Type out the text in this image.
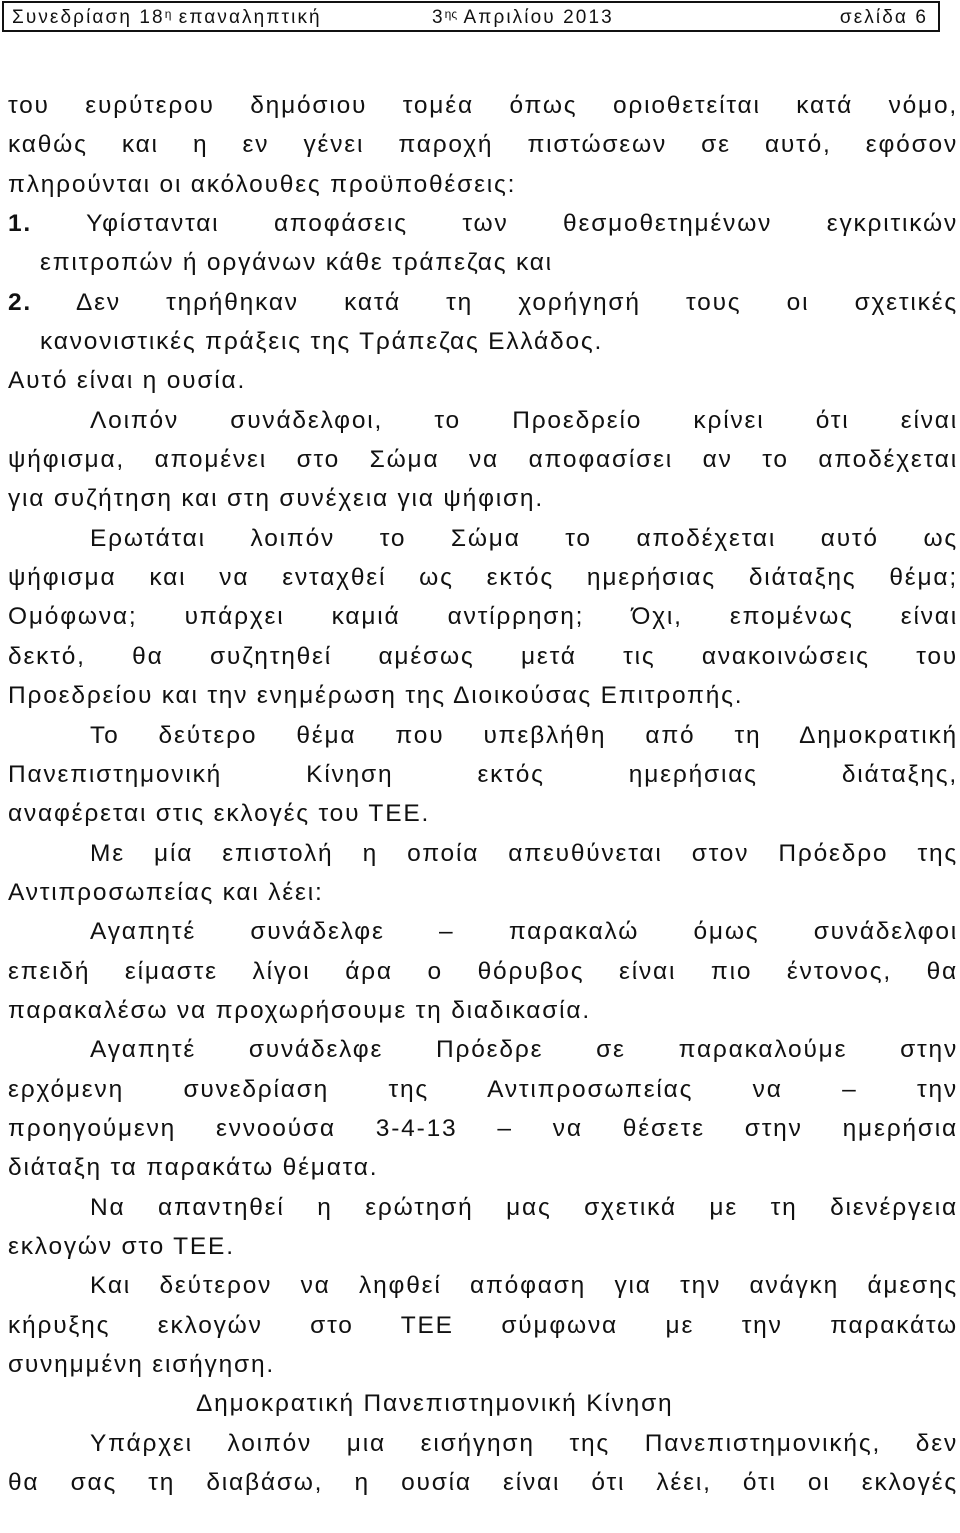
Συνεδρίαση $18^\eta$ επαναληπτική	$3^{\eta\varsigma}$ Απριλίου 2013	σελίδα 6
του ευρύτερου δημόσιου τομέα όπως οριοθετείται κατά νόμο,
καθώς και η εν γένει παροχή πιστώσεων σε αυτό, εφόσον
πληρούνται οι ακόλουθες προϋποθέσεις:
1. Υφίστανται αποφάσεις των θεσμοθετημένων εγκριτικών
επιτροπών ή οργάνων κάθε τράπεζας και
2. Δεν τηρήθηκαν κατά τη χορήγησή τους οι σχετικές
κανονιστικές πράξεις της Τράπεζας Ελλάδος.
Αυτό είναι η ουσία.
Λοιπόν συνάδελφοι, το Προεδρείο κρίνει ότι είναι
ψήφισμα, απομένει στο Σώμα να αποφασίσει αν το αποδέχεται
για συζήτηση και στη συνέχεια για ψήφιση.
Ερωτάται λοιπόν το Σώμα το αποδέχεται αυτό ως
ψήφισμα και να ενταχθεί ως εκτός ημερήσιας διάταξης θέμα;
Ομόφωνα; υπάρχει καμιά αντίρρηση; Όχι, επομένως είναι
δεκτό, θα συζητηθεί αμέσως μετά τις ανακοινώσεις του
Προεδρείου και την ενημέρωση της Διοικούσας Επιτροπής.
Το δεύτερο θέμα που υπεβλήθη από τη Δημοκρατική
Πανεπιστημονική Κίνηση εκτός ημερήσιας διάταξης,
αναφέρεται στις εκλογές του ΤΕΕ.
Με μία επιστολή η οποία απευθύνεται στον Πρόεδρο της
Αντιπροσωπείας και λέει:
Αγαπητέ συνάδελφε – παρακαλώ όμως συνάδελφοι
επειδή είμαστε λίγοι άρα ο θόρυβος είναι πιο έντονος, θα
παρακαλέσω να προχωρήσουμε τη διαδικασία.
Αγαπητέ συνάδελφε Πρόεδρε σε παρακαλούμε στην
ερχόμενη συνεδρίαση της Αντιπροσωπείας να – την
προηγούμενη εννοούσα 3-4-13 – να θέσετε στην ημερήσια
διάταξη τα παρακάτω θέματα.
Να απαντηθεί η ερώτησή μας σχετικά με τη διενέργεια
εκλογών στο ΤΕΕ.
Και δεύτερον να ληφθεί απόφαση για την ανάγκη άμεσης
κήρυξης εκλογών στο ΤΕΕ σύμφωνα με την παρακάτω
συνημμένη εισήγηση.
Δημοκρατική Πανεπιστημονική Κίνηση
Υπάρχει λοιπόν μια εισήγηση της Πανεπιστημονικής, δεν
θα σας τη διαβάσω, η ουσία είναι ότι λέει, ότι οι εκλογές
